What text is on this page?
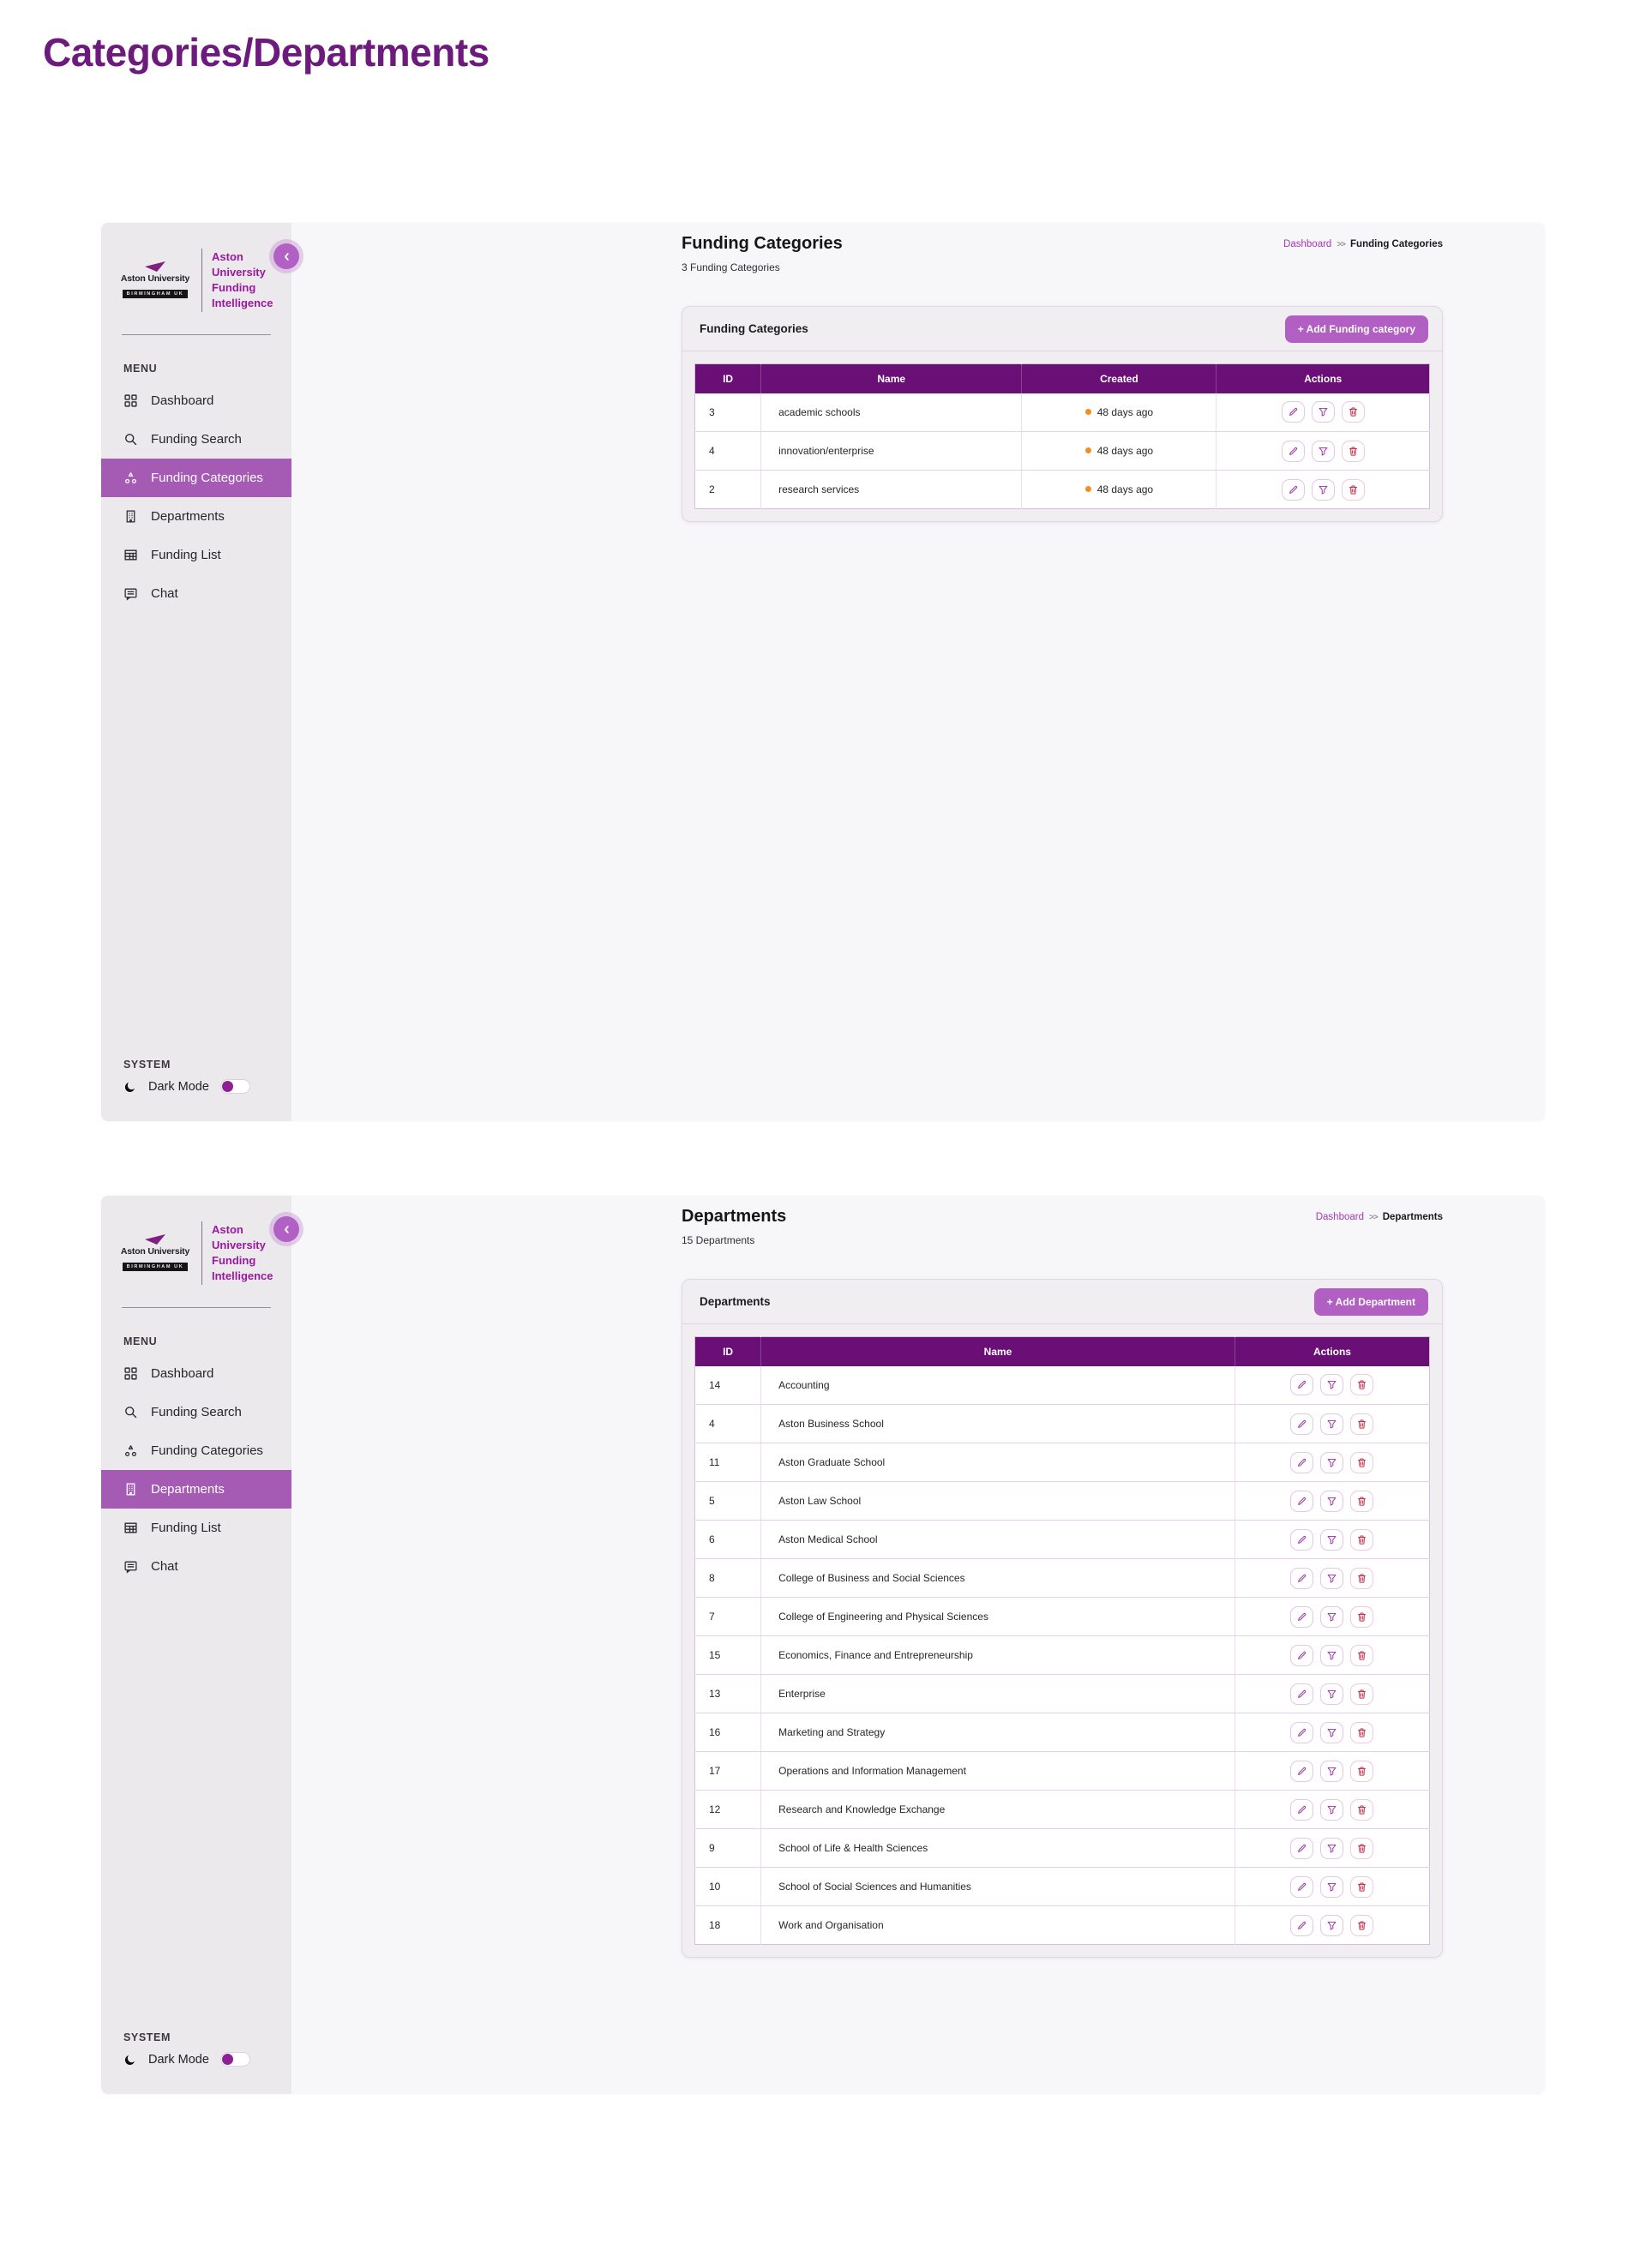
Categories/Departments
Aston University
BIRMINGHAM UK
Aston University Funding Intelligence
MENU
Dashboard
Funding Search
Funding Categories
Departments
Funding List
Chat
SYSTEM
Dark Mode
Funding Categories
3 Funding Categories
Dashboard >> Funding Categories
Funding Categories	+ Add Funding category
ID	Name	Created	Actions
3	academic schools	48 days ago	

4	innovation/enterprise	48 days ago	

2	research services	48 days ago	
Aston University
BIRMINGHAM UK
Aston University Funding Intelligence
MENU
Dashboard
Funding Search
Funding Categories
Departments
Funding List
Chat
SYSTEM
Dark Mode
Departments
15 Departments
Dashboard >> Departments
Departments	+ Add Department
ID	Name	Actions
14	Accounting	

4	Aston Business School	

11	Aston Graduate School	

5	Aston Law School	

6	Aston Medical School	

8	College of Business and Social Sciences	

7	College of Engineering and Physical Sciences	

15	Economics, Finance and Entrepreneurship	

13	Enterprise	

16	Marketing and Strategy	

17	Operations and Information Management	

12	Research and Knowledge Exchange	

9	School of Life & Health Sciences	

10	School of Social Sciences and Humanities	

18	Work and Organisation	
